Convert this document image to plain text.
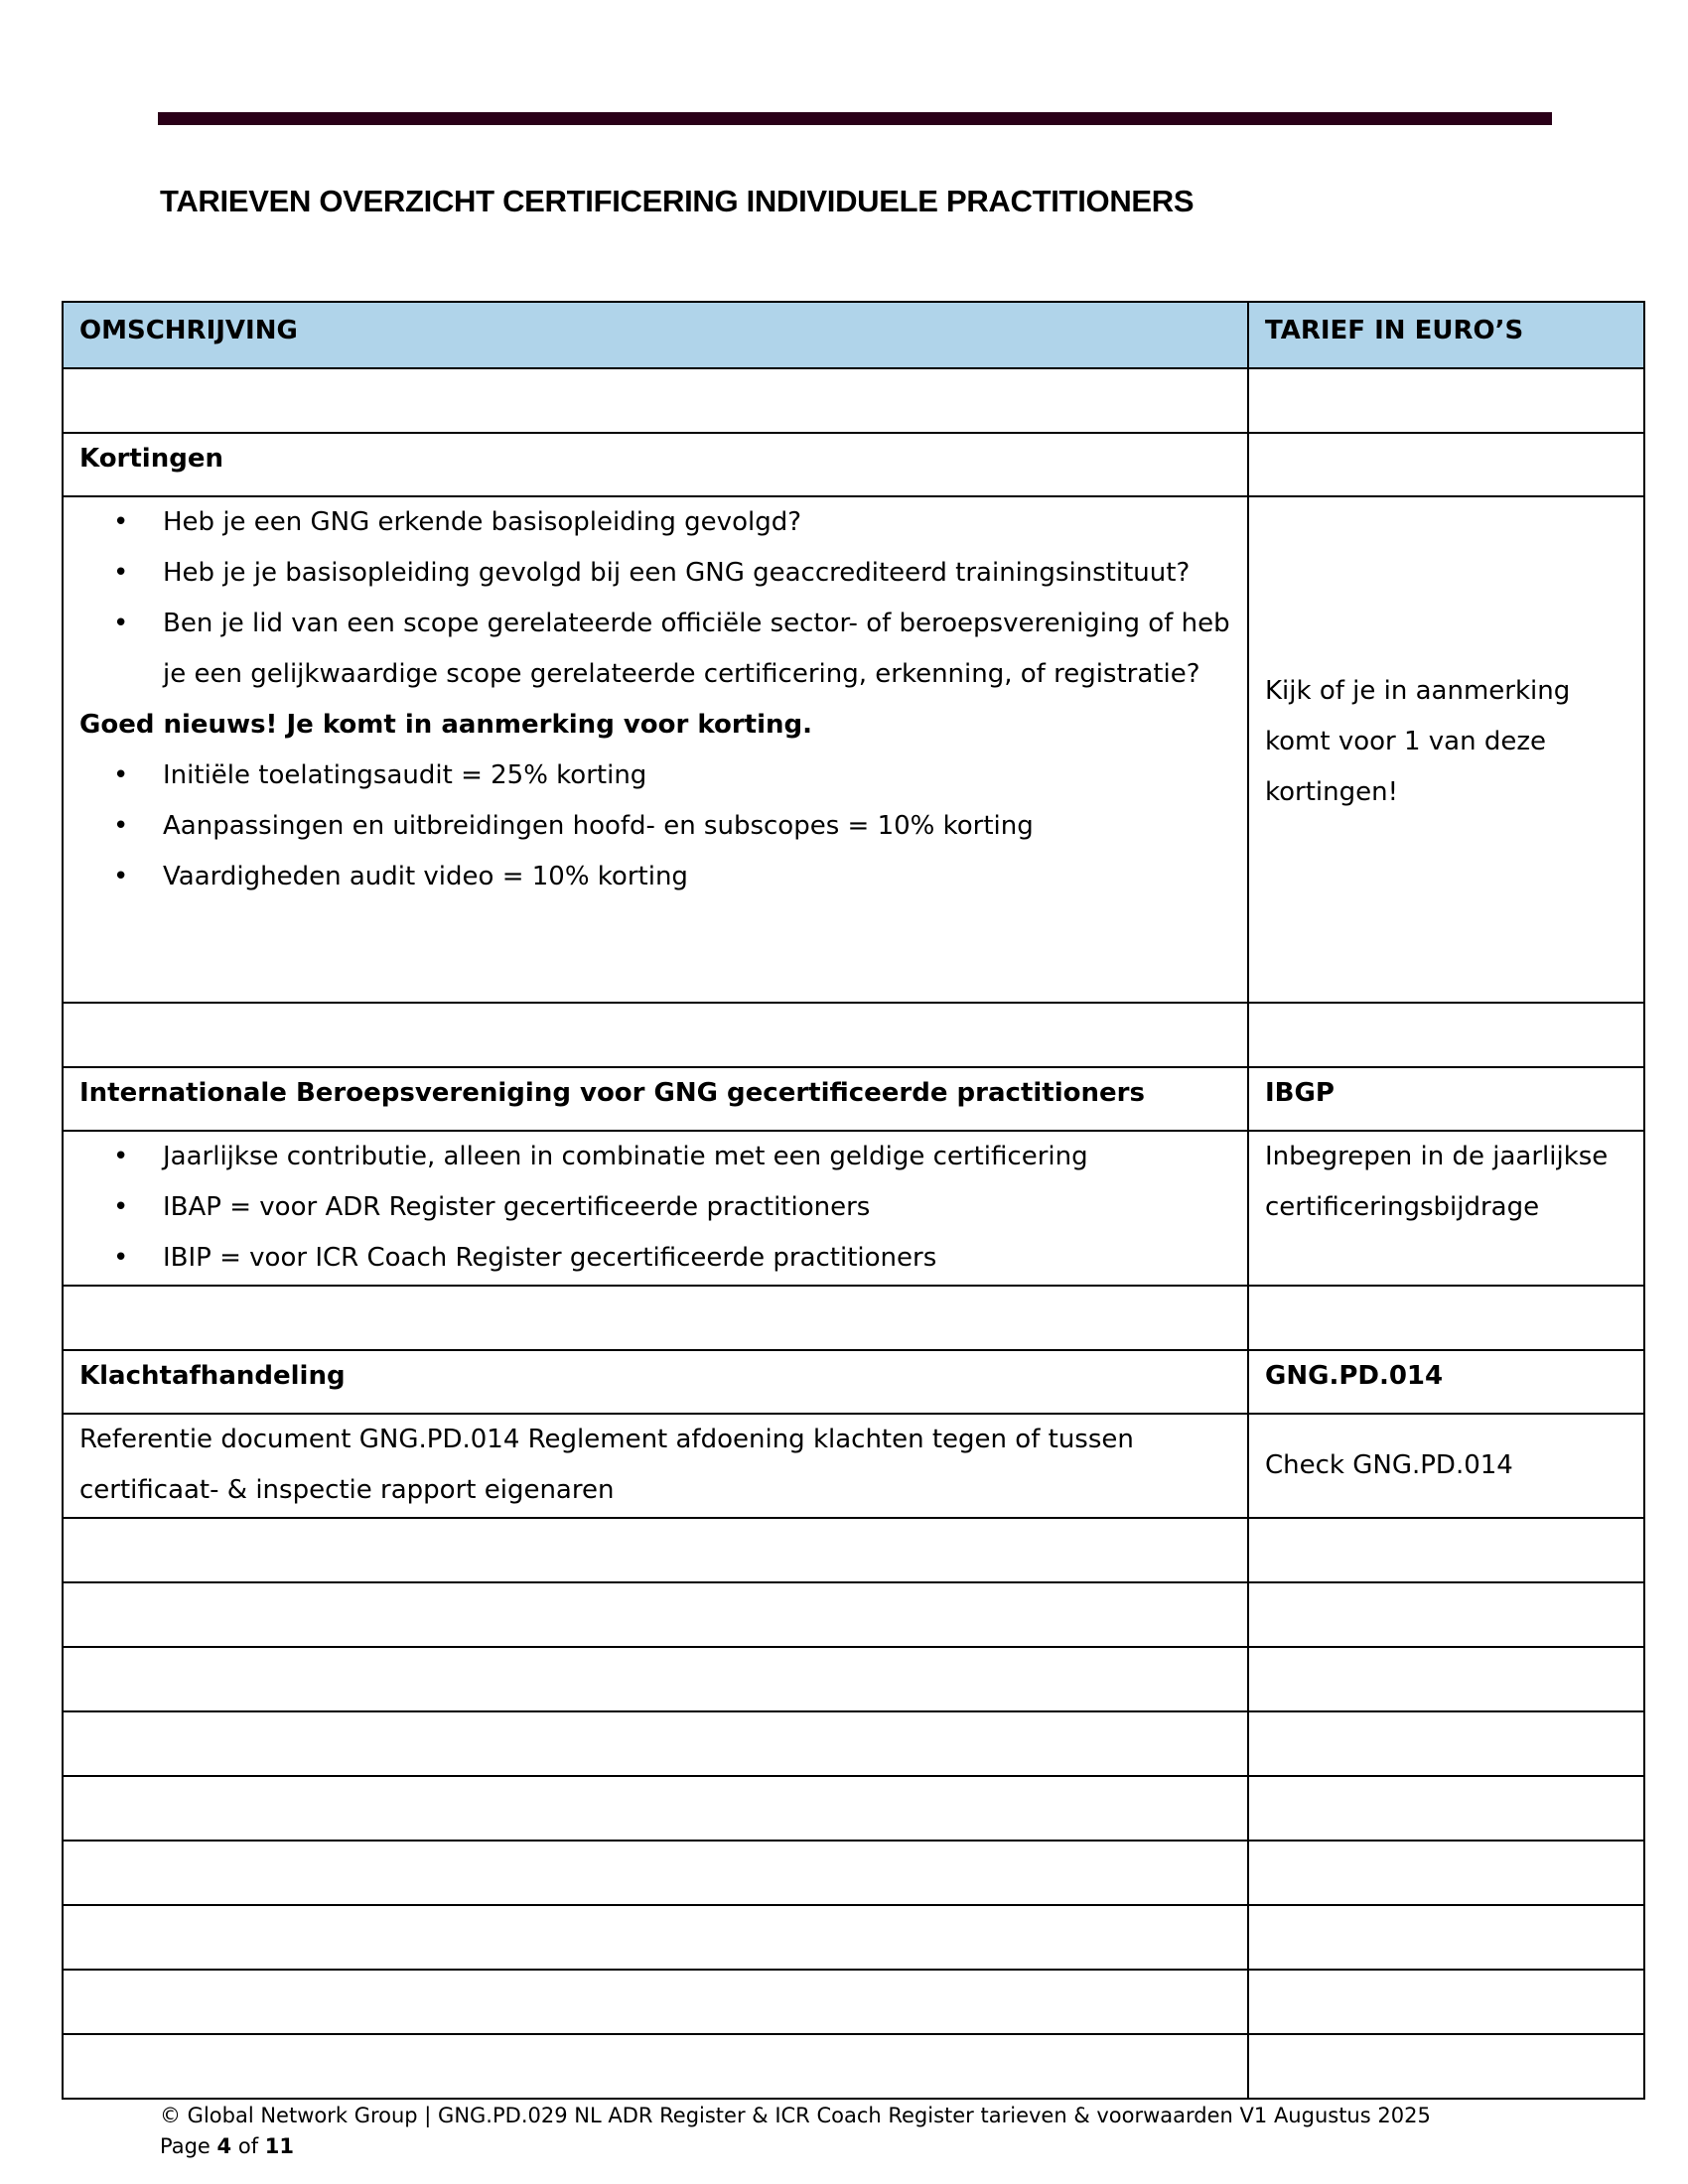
TARIEVEN OVERZICHT CERTIFICERING INDIVIDUELE PRACTITIONERS
OMSCHRIJVING	TARIEF IN EURO’S

Kortingen	

• Heb je een GNG erkende basisopleiding gevolgd?
• Heb je je basisopleiding gevolgd bij een GNG geaccrediteerd trainingsinstituut?
• Ben je lid van een scope gerelateerde officiële sector- of beroepsvereniging of heb je een gelijkwaardige scope gerelateerde certificering, erkenning, of registratie?
Goed nieuws! Je komt in aanmerking voor korting.
• Initiële toelatingsaudit = 25% korting
• Aanpassingen en uitbreidingen hoofd- en subscopes = 10% korting
• Vaardigheden audit video = 10% korting
	Kijk of je in aanmerking komt voor 1 van deze kortingen!

Internationale Beroepsvereniging voor GNG gecertificeerde practitioners	IBGP

• Jaarlijkse contributie, alleen in combinatie met een geldige certificering
• IBAP = voor ADR Register gecertificeerde practitioners
• IBIP = voor ICR Coach Register gecertificeerde practitioners
	Inbegrepen in de jaarlijkse certificeringsbijdrage

Klachtafhandeling	GNG.PD.014
Referentie document GNG.PD.014 Reglement afdoening klachten tegen of tussen certificaat- & inspectie rapport eigenaren	Check GNG.PD.014

© Global Network Group | GNG.PD.029 NL ADR Register & ICR Coach Register tarieven & voorwaarden V1 Augustus 2025
Page 4 of 11
